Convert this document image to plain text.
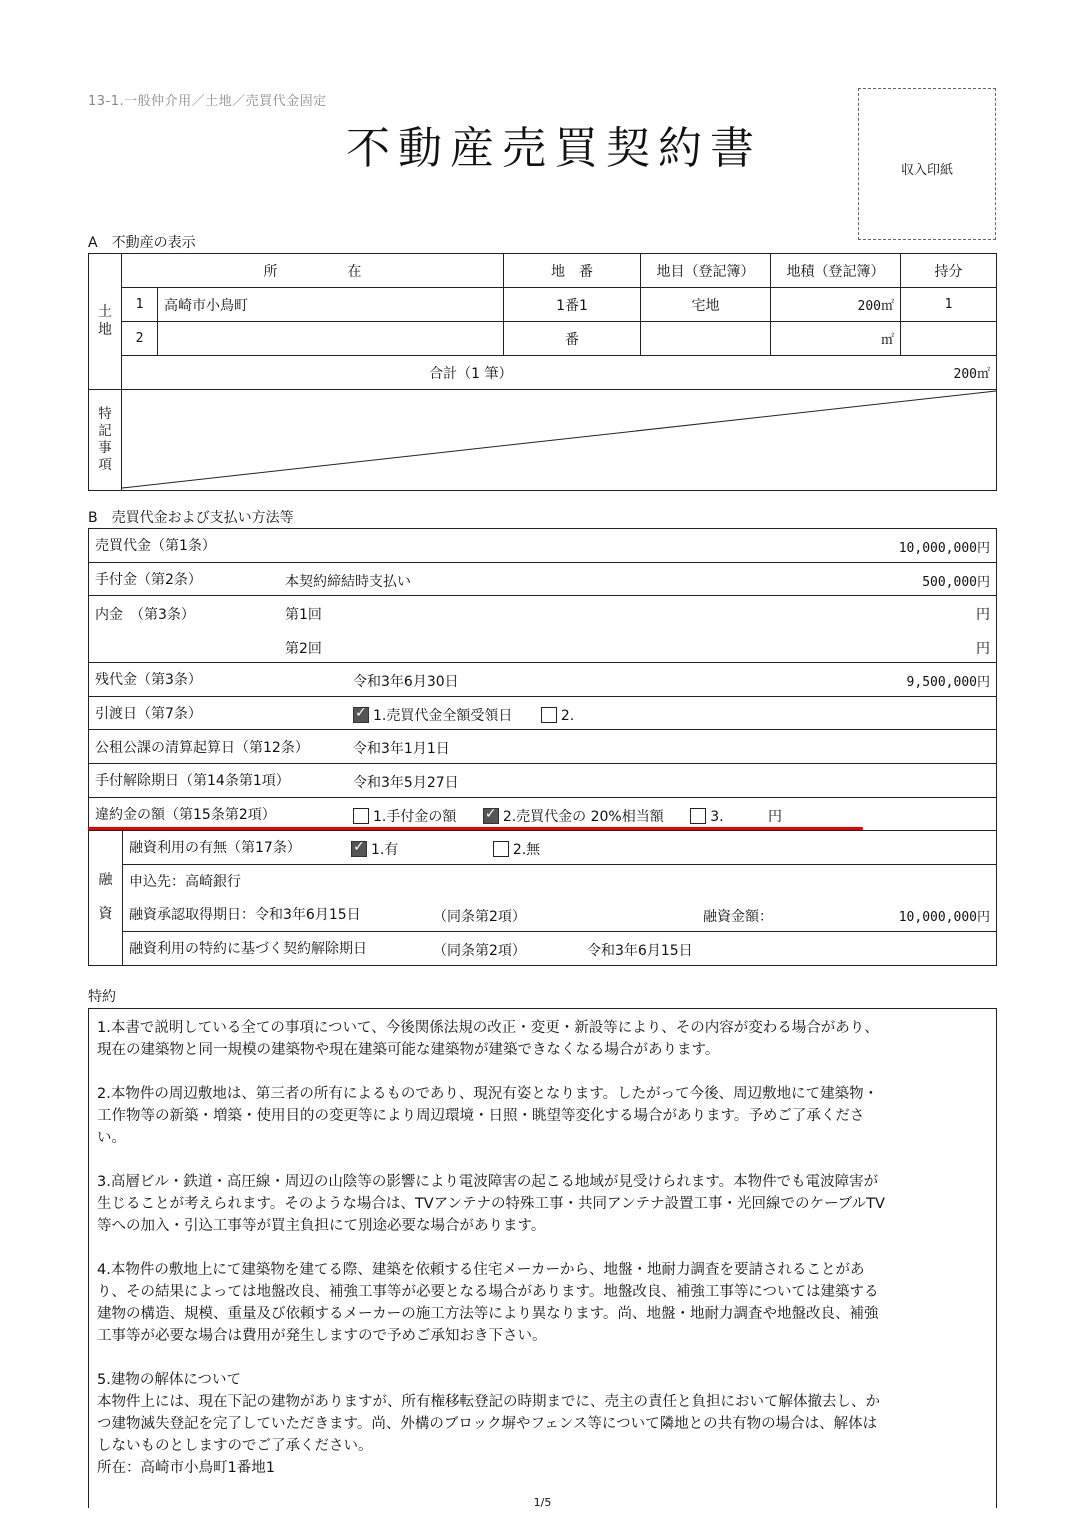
13-1.一般仲介用／土地／売買代金固定
不動産売買契約書	収入印紙
A　不動産の表示
土
地	所　　　　　在		地　番	地目（登記簿）	地積（登記簿）	持分
	1	高崎市小鳥町	1番1	宅地	200㎡	1
	2		番		㎡	
	合計（1 筆）				200㎡	
特
記
事
項	
B　売買代金および支払い方法等
売買代金（第1条）	10,000,000円

手付金（第2条）	本契約締結時支払い	500,000円

内金　（第3条）	第1回	円
第2回	円

残代金（第3条）	令和3年6月30日	9,500,000円

引渡日（第7条） ✓	1.売買代金全額受領日	2.

公租公課の清算起算日（第12条）	令和3年1月1日

手付解除期日（第14条第1項）	令和3年5月27日

違約金の額（第15条第2項）	1.手付金の額 ✓	2.売買代金の 20%相当額	3.	円

融

資	融資利用の有無（第17条） ✓	1.有	2.無

申込先：高崎銀行
融資承認取得期日：令和3年6月15日	（同条第2項）	融資金額：	10,000,000円

融資利用の特約に基づく契約解除期日	（同条第2項）	令和3年6月15日
特約

1.本書で説明している全ての事項について、今後関係法規の改正・変更・新設等により、その内容が変わる場合があり、
現在の建築物と同一規模の建築物や現在建築可能な建築物が建築できなくなる場合があります。

2.本物件の周辺敷地は、第三者の所有によるものであり、現況有姿となります。したがって今後、周辺敷地にて建築物・
工作物等の新築・増築・使用目的の変更等により周辺環境・日照・眺望等変化する場合があります。予めご了承くださ
い。

3.高層ビル・鉄道・高圧線・周辺の山陰等の影響により電波障害の起こる地域が見受けられます。本物件でも電波障害が
生じることが考えられます。そのような場合は、TVアンテナの特殊工事・共同アンテナ設置工事・光回線でのケーブルTV
等への加入・引込工事等が買主負担にて別途必要な場合があります。

4.本物件の敷地上にて建築物を建てる際、建築を依頼する住宅メーカーから、地盤・地耐力調査を要請されることがあ
り、その結果によっては地盤改良、補強工事等が必要となる場合があります。地盤改良、補強工事等については建築する
建物の構造、規模、重量及び依頼するメーカーの施工方法等により異なります。尚、地盤・地耐力調査や地盤改良、補強
工事等が必要な場合は費用が発生しますので予めご承知おき下さい。

5.建物の解体について
本物件上には、現在下記の建物がありますが、所有権移転登記の時期までに、売主の責任と負担において解体撤去し、か
つ建物滅失登記を完了していただきます。尚、外構のブロック塀やフェンス等について隣地との共有物の場合は、解体は
しないものとしますのでご了承ください。
所在：高崎市小鳥町1番地1

1/5
